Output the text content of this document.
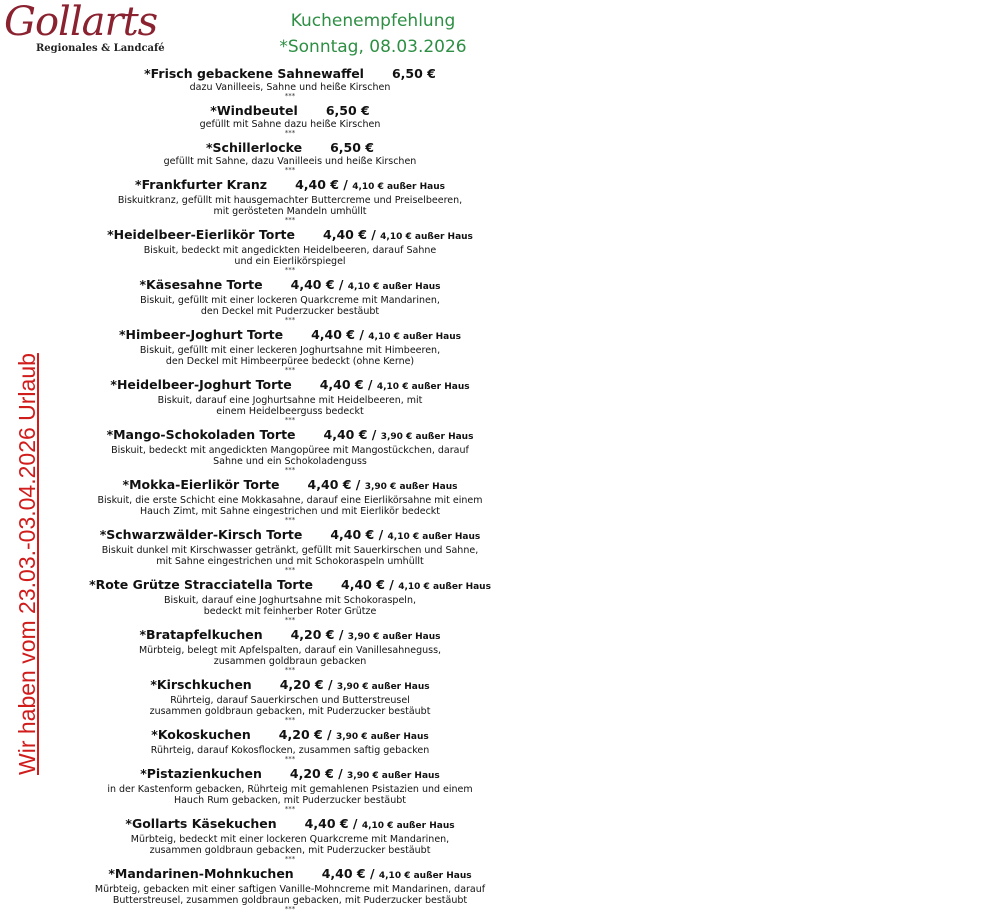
Gollarts
Regionales & Landcafé
Kuchenempfehlung
*Sonntag, 08.03.2026
Wir haben vom 23.03.-03.04.2026 Urlaub
*Frisch gebackene Sahnewaffel 6,50 €
dazu Vanilleeis, Sahne und heiße Kirschen
***
*Windbeutel 6,50 €
gefüllt mit Sahne dazu heiße Kirschen
***
*Schillerlocke 6,50 €
gefüllt mit Sahne, dazu Vanilleeis und heiße Kirschen
***
*Frankfurter Kranz 4,40 € / 4,10 € außer Haus
Biskuitkranz, gefüllt mit hausgemachter Buttercreme und Preiselbeeren,
mit gerösteten Mandeln umhüllt
***
*Heidelbeer-Eierlikör Torte 4,40 € / 4,10 € außer Haus
Biskuit, bedeckt mit angedickten Heidelbeeren, darauf Sahne
und ein Eierlikörspiegel
***
*Käsesahne Torte 4,40 € / 4,10 € außer Haus
Biskuit, gefüllt mit einer lockeren Quarkcreme mit Mandarinen,
den Deckel mit Puderzucker bestäubt
***
*Himbeer-Joghurt Torte 4,40 € / 4,10 € außer Haus
Biskuit, gefüllt mit einer leckeren Joghurtsahne mit Himbeeren,
den Deckel mit Himbeerpüree bedeckt (ohne Kerne)
***
*Heidelbeer-Joghurt Torte 4,40 € / 4,10 € außer Haus
Biskuit, darauf eine Joghurtsahne mit Heidelbeeren, mit
einem Heidelbeerguss bedeckt
***
*Mango-Schokoladen Torte 4,40 € / 3,90 € außer Haus
Biskuit, bedeckt mit angedickten Mangopüree mit Mangostückchen, darauf
Sahne und ein Schokoladenguss
***
*Mokka-Eierlikör Torte 4,40 € / 3,90 € außer Haus
Biskuit, die erste Schicht eine Mokkasahne, darauf eine Eierlikörsahne mit einem
Hauch Zimt, mit Sahne eingestrichen und mit Eierlikör bedeckt
***
*Schwarzwälder-Kirsch Torte 4,40 € / 4,10 € außer Haus
Biskuit dunkel mit Kirschwasser getränkt, gefüllt mit Sauerkirschen und Sahne,
mit Sahne eingestrichen und mit Schokoraspeln umhüllt
***
*Rote Grütze Stracciatella Torte 4,40 € / 4,10 € außer Haus
Biskuit, darauf eine Joghurtsahne mit Schokoraspeln,
bedeckt mit feinherber Roter Grütze
***
*Bratapfelkuchen 4,20 € / 3,90 € außer Haus
Mürbteig, belegt mit Apfelspalten, darauf ein Vanillesahneguss,
zusammen goldbraun gebacken
***
*Kirschkuchen 4,20 € / 3,90 € außer Haus
Rührteig, darauf Sauerkirschen und Butterstreusel
zusammen goldbraun gebacken, mit Puderzucker bestäubt
***
*Kokoskuchen 4,20 € / 3,90 € außer Haus
Rührteig, darauf Kokosflocken, zusammen saftig gebacken
***
*Pistazienkuchen 4,20 € / 3,90 € außer Haus
in der Kastenform gebacken, Rührteig mit gemahlenen Psistazien und einem
Hauch Rum gebacken, mit Puderzucker bestäubt
***
*Gollarts Käsekuchen 4,40 € / 4,10 € außer Haus
Mürbteig, bedeckt mit einer lockeren Quarkcreme mit Mandarinen,
zusammen goldbraun gebacken, mit Puderzucker bestäubt
***
*Mandarinen-Mohnkuchen 4,40 € / 4,10 € außer Haus
Mürbteig, gebacken mit einer saftigen Vanille-Mohncreme mit Mandarinen, darauf
Butterstreusel, zusammen goldbraun gebacken, mit Puderzucker bestäubt
***
